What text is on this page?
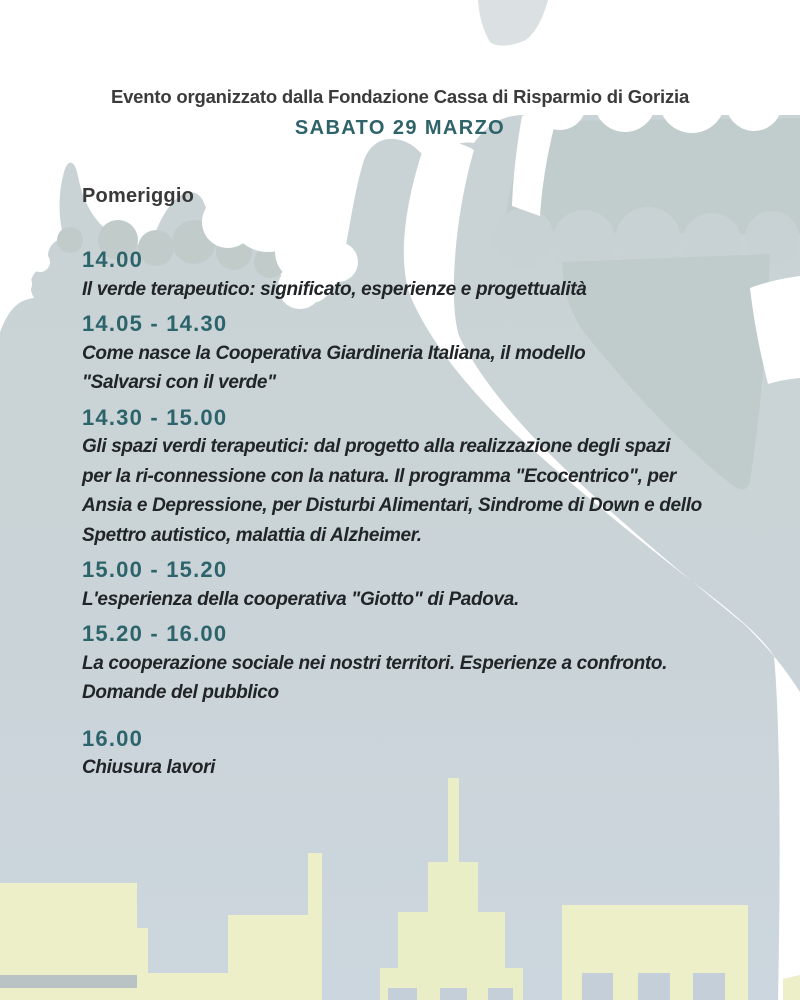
Evento organizzato dalla Fondazione Cassa di Risparmio di Gorizia
SABATO 29 MARZO
Pomeriggio
14.00
Il verde terapeutico: significato, esperienze e progettualità
14.05 - 14.30
Come nasce la Cooperativa Giardineria Italiana, il modello
"Salvarsi con il verde"
14.30 - 15.00
Gli spazi verdi terapeutici: dal progetto alla realizzazione degli spazi
per la ri-connessione con la natura. Il programma "Ecocentrico", per
Ansia e Depressione, per Disturbi Alimentari, Sindrome di Down e dello
Spettro autistico, malattia di Alzheimer.
15.00 - 15.20
L'esperienza della cooperativa "Giotto" di Padova.
15.20 - 16.00
La cooperazione sociale nei nostri territori. Esperienze a confronto.
Domande del pubblico
16.00
Chiusura lavori
